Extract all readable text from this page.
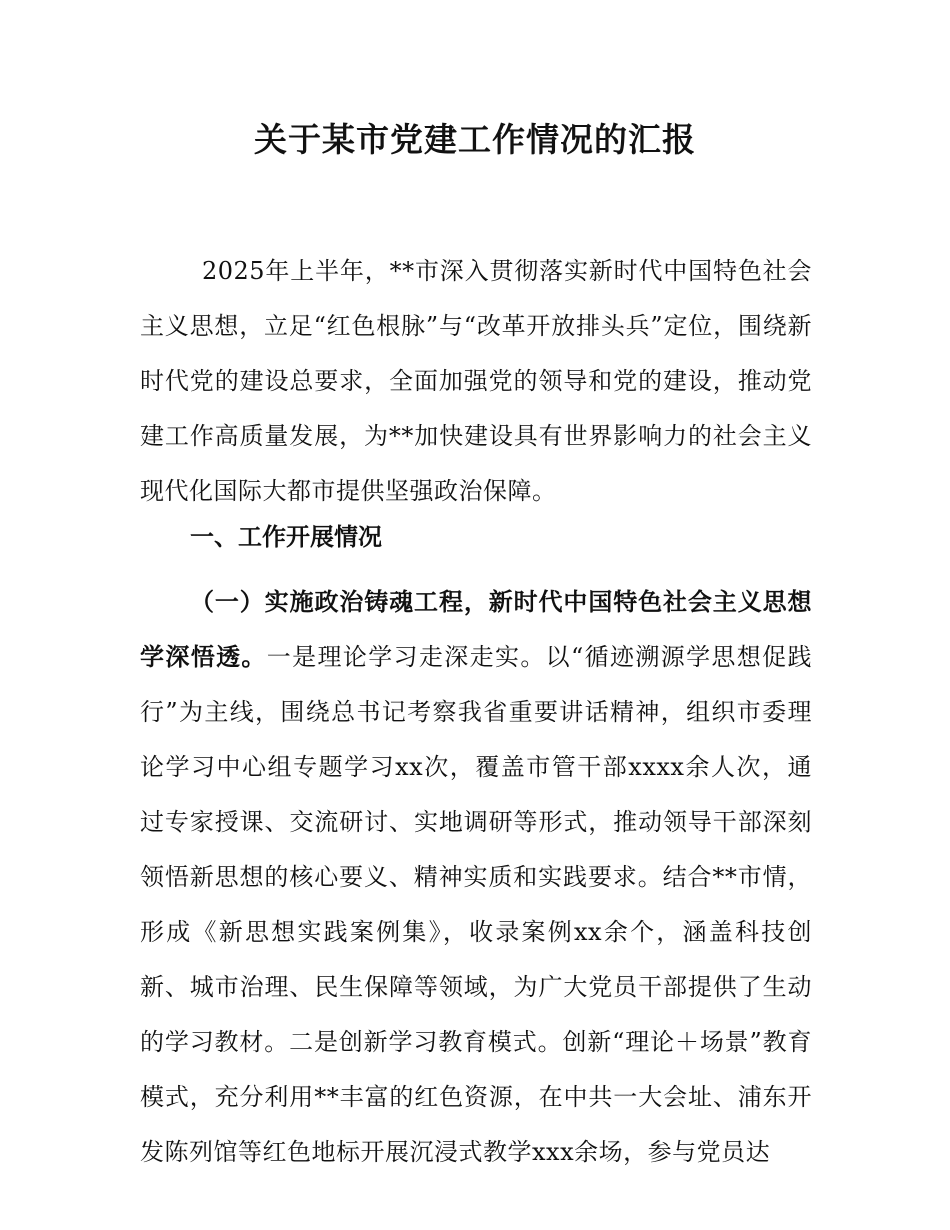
关于某市党建工作情况的汇报

2025年上半年，**市深入贯彻落实新时代中国特色社会主义思想，立足“红色根脉”与“改革开放排头兵”定位，围绕新时代党的建设总要求，全面加强党的领导和党的建设，推动党建工作高质量发展，为**加快建设具有世界影响力的社会主义现代化国际大都市提供坚强政治保障。

一、工作开展情况

（一）实施政治铸魂工程，新时代中国特色社会主义思想学深悟透。一是理论学习走深走实。以“循迹溯源学思想促践行”为主线，围绕总书记考察我省重要讲话精神，组织市委理论学习中心组专题学习xx次，覆盖市管干部xxxx余人次，通过专家授课、交流研讨、实地调研等形式，推动领导干部深刻领悟新思想的核心要义、精神实质和实践要求。结合**市情，形成《新思想实践案例集》，收录案例xx余个，涵盖科技创新、城市治理、民生保障等领域，为广大党员干部提供了生动的学习教材。二是创新学习教育模式。创新“理论＋场景”教育模式，充分利用**丰富的红色资源，在中共一大会址、浦东开发陈列馆等红色地标开展沉浸式教学xxx余场，参与党员达
